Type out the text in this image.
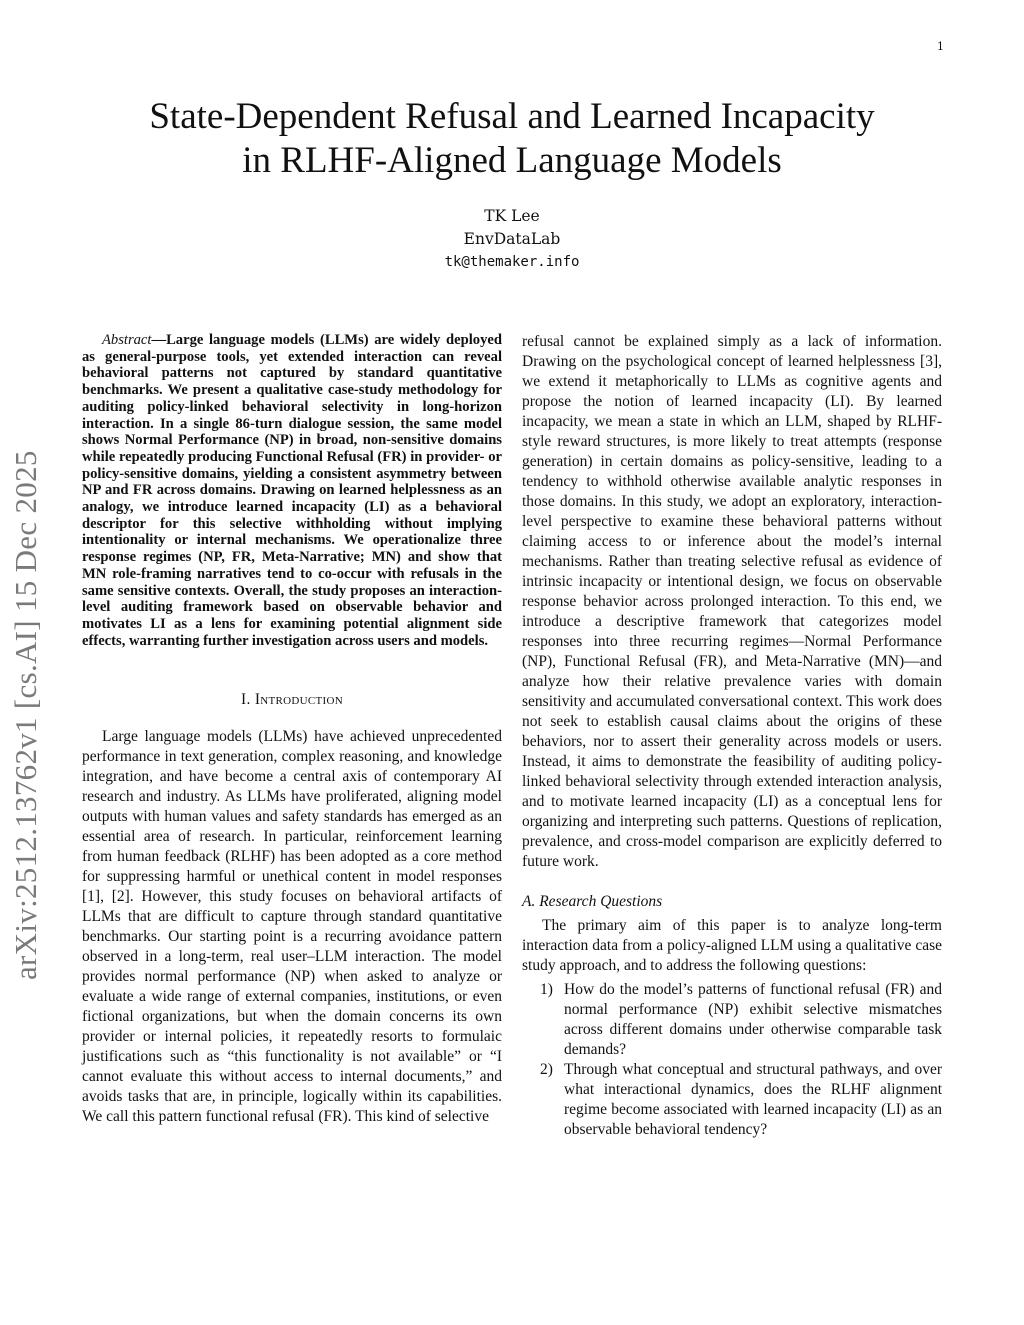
1
arXiv:2512.13762v1 [cs.AI] 15 Dec 2025
State-Dependent Refusal and Learned Incapacity
in RLHF-Aligned Language Models
TK Lee
EnvDataLab
tk@themaker.info

Abstract—Large language models (LLMs) are widely deployed as general-purpose tools, yet extended interaction can reveal behavioral patterns not captured by standard quantitative benchmarks. We present a qualitative case-study methodology for auditing policy-linked behavioral selectivity in long-horizon interaction. In a single 86-turn dialogue session, the same model shows Normal Performance (NP) in broad, non-sensitive domains while repeatedly producing Functional Refusal (FR) in provider- or policy-sensitive domains, yielding a consistent asymmetry between NP and FR across domains. Drawing on learned helplessness as an analogy, we introduce learned incapacity (LI) as a behavioral descriptor for this selective withholding without implying intentionality or internal mechanisms. We operationalize three response regimes (NP, FR, Meta-Narrative; MN) and show that MN role-framing narratives tend to co-occur with refusals in the same sensitive contexts. Overall, the study proposes an interaction-level auditing framework based on observable behavior and motivates LI as a lens for examining potential alignment side effects, warranting further investigation across users and models.

I. Introduction

Large language models (LLMs) have achieved unprecedented performance in text generation, complex reasoning, and knowledge integration, and have become a central axis of contemporary AI research and industry. As LLMs have proliferated, aligning model outputs with human values and safety standards has emerged as an essential area of research. In particular, reinforcement learning from human feedback (RLHF) has been adopted as a core method for suppressing harmful or unethical content in model responses [1], [2]. However, this study focuses on behavioral artifacts of LLMs that are difficult to capture through standard quantitative benchmarks. Our starting point is a recurring avoidance pattern observed in a long-term, real user–LLM interaction. The model provides normal performance (NP) when asked to analyze or evaluate a wide range of external companies, institutions, or even fictional organizations, but when the domain concerns its own provider or internal policies, it repeatedly resorts to formulaic justifications such as “this functionality is not available” or “I cannot evaluate this without access to internal documents,” and avoids tasks that are, in principle, logically within its capabilities. We call this pattern functional refusal (FR). This kind of selective

refusal cannot be explained simply as a lack of information. Drawing on the psychological concept of learned helplessness [3], we extend it metaphorically to LLMs as cognitive agents and propose the notion of learned incapacity (LI). By learned incapacity, we mean a state in which an LLM, shaped by RLHF-style reward structures, is more likely to treat attempts (response generation) in certain domains as policy-sensitive, leading to a tendency to withhold otherwise available analytic responses in those domains. In this study, we adopt an exploratory, interaction-level perspective to examine these behavioral patterns without claiming access to or inference about the model’s internal mechanisms. Rather than treating selective refusal as evidence of intrinsic incapacity or intentional design, we focus on observable response behavior across prolonged interaction. To this end, we introduce a descriptive framework that categorizes model responses into three recurring regimes—Normal Performance (NP), Functional Refusal (FR), and Meta-Narrative (MN)—and analyze how their relative prevalence varies with domain sensitivity and accumulated conversational context. This work does not seek to establish causal claims about the origins of these behaviors, nor to assert their generality across models or users. Instead, it aims to demonstrate the feasibility of auditing policy-linked behavioral selectivity through extended interaction analysis, and to motivate learned incapacity (LI) as a conceptual lens for organizing and interpreting such patterns. Questions of replication, prevalence, and cross-model comparison are explicitly deferred to future work.

A. Research Questions

The primary aim of this paper is to analyze long-term interaction data from a policy-aligned LLM using a qualitative case study approach, and to address the following questions:

1) How do the model’s patterns of functional refusal (FR) and normal performance (NP) exhibit selective mismatches across different domains under otherwise comparable task demands?
2) Through what conceptual and structural pathways, and over what interactional dynamics, does the RLHF alignment regime become associated with learned incapacity (LI) as an observable behavioral tendency?
